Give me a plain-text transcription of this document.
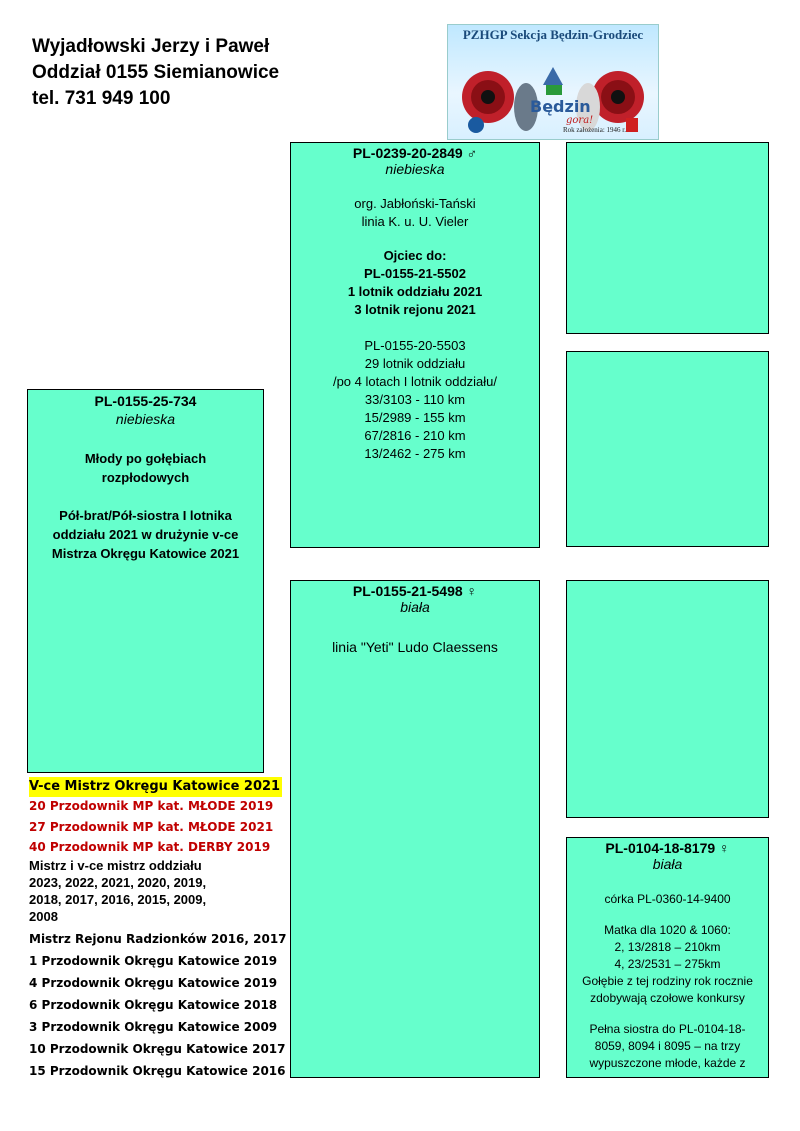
Wyjadłowski Jerzy i Paweł
Oddział 0155 Siemianowice
tel. 731 949 100
PZHGP Sekcja Będzin-Grodziec
Będzin
gora!
Rok założenia: 1946 r.
PL-0155-25-734
niebieska
Młody po gołębiach rozpłodowych
Pół-brat/Pół-siostra I lotnika oddziału 2021 w drużynie v-ce Mistrza Okręgu Katowice 2021
PL-0239-20-2849 ♂
niebieska
org. Jabłoński-Tański
linia K. u. U. Vieler
Ojciec do:
PL-0155-21-5502
1 lotnik oddziału 2021
3 lotnik rejonu 2021
PL-0155-20-5503
29 lotnik oddziału
/po 4 lotach I lotnik oddziału/
33/3103 - 110 km
15/2989 - 155 km
67/2816 - 210 km
13/2462 - 275 km
PL-0155-21-5498 ♀
biała
linia "Yeti" Ludo Claessens
PL-0104-18-8179 ♀
biała
córka PL-0360-14-9400
Matka dla 1020 & 1060:
2, 13/2818 – 210km
4, 23/2531 – 275km
Gołębie z tej rodziny rok rocznie zdobywają czołowe konkursy
Pełna siostra do PL-0104-18-8059, 8094 i 8095 – na trzy wypuszczone młode, każde z
V-ce Mistrz Okręgu Katowice 2021
20 Przodownik MP kat. MŁODE 2019
27 Przodownik MP kat. MŁODE 2021
40 Przodownik MP kat. DERBY 2019
Mistrz i v-ce mistrz oddziału
2023, 2022, 2021, 2020, 2019,
2018, 2017, 2016, 2015, 2009,
2008
Mistrz Rejonu Radzionków 2016, 2017
1 Przodownik Okręgu Katowice 2019
4 Przodownik Okręgu Katowice 2019
6 Przodownik Okręgu Katowice 2018
3 Przodownik Okręgu Katowice 2009
10 Przodownik Okręgu Katowice 2017
15 Przodownik Okręgu Katowice 2016
